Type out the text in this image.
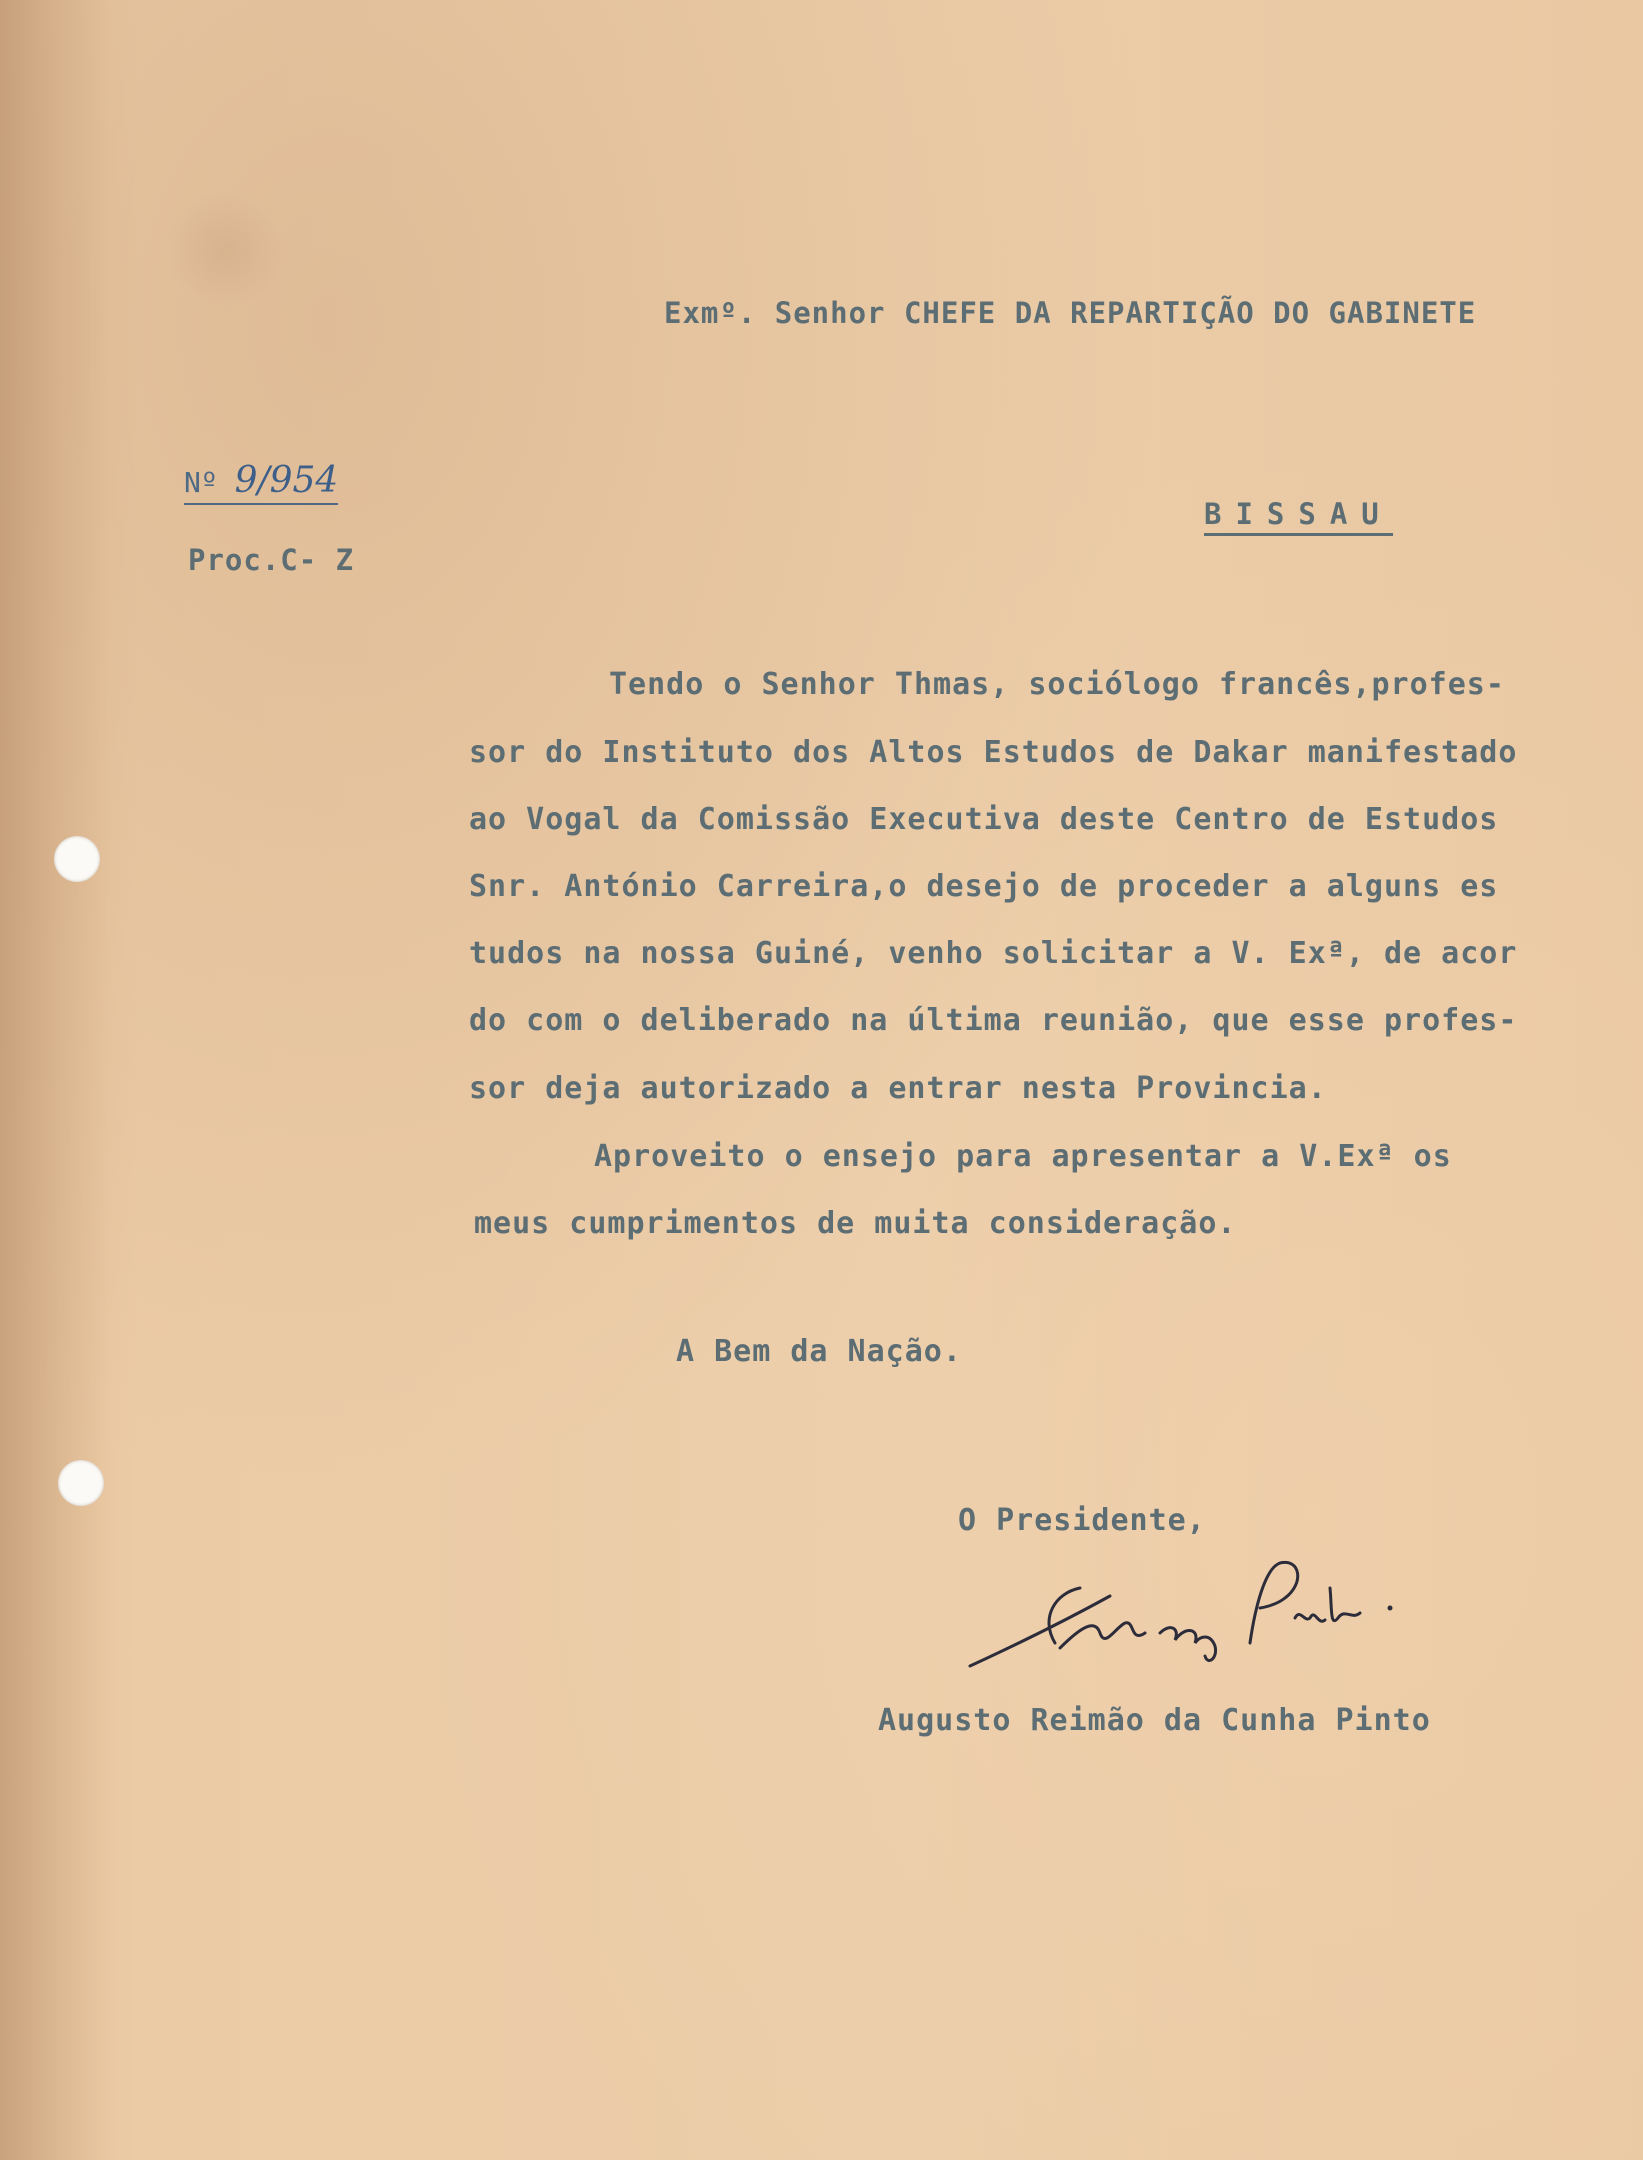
Exmº. Senhor CHEFE DA REPARTIÇÃO DO GABINETE
Nº 9/954
Proc.C- Z
BISSAU
Tendo o Senhor Thmas, sociólogo francês,profes-
sor do Instituto dos Altos Estudos de Dakar manifestado
ao Vogal da Comissão Executiva deste Centro de Estudos
Snr. António Carreira,o desejo de proceder a alguns es
tudos na nossa Guiné, venho solicitar a V. Exª, de acor
do com o deliberado na última reunião, que esse profes-
sor deja autorizado a entrar nesta Provincia.
Aproveito o ensejo para apresentar a V.Exª os
meus cumprimentos de muita consideração.
A Bem da Nação.
O Presidente,
Augusto Reimão da Cunha Pinto
